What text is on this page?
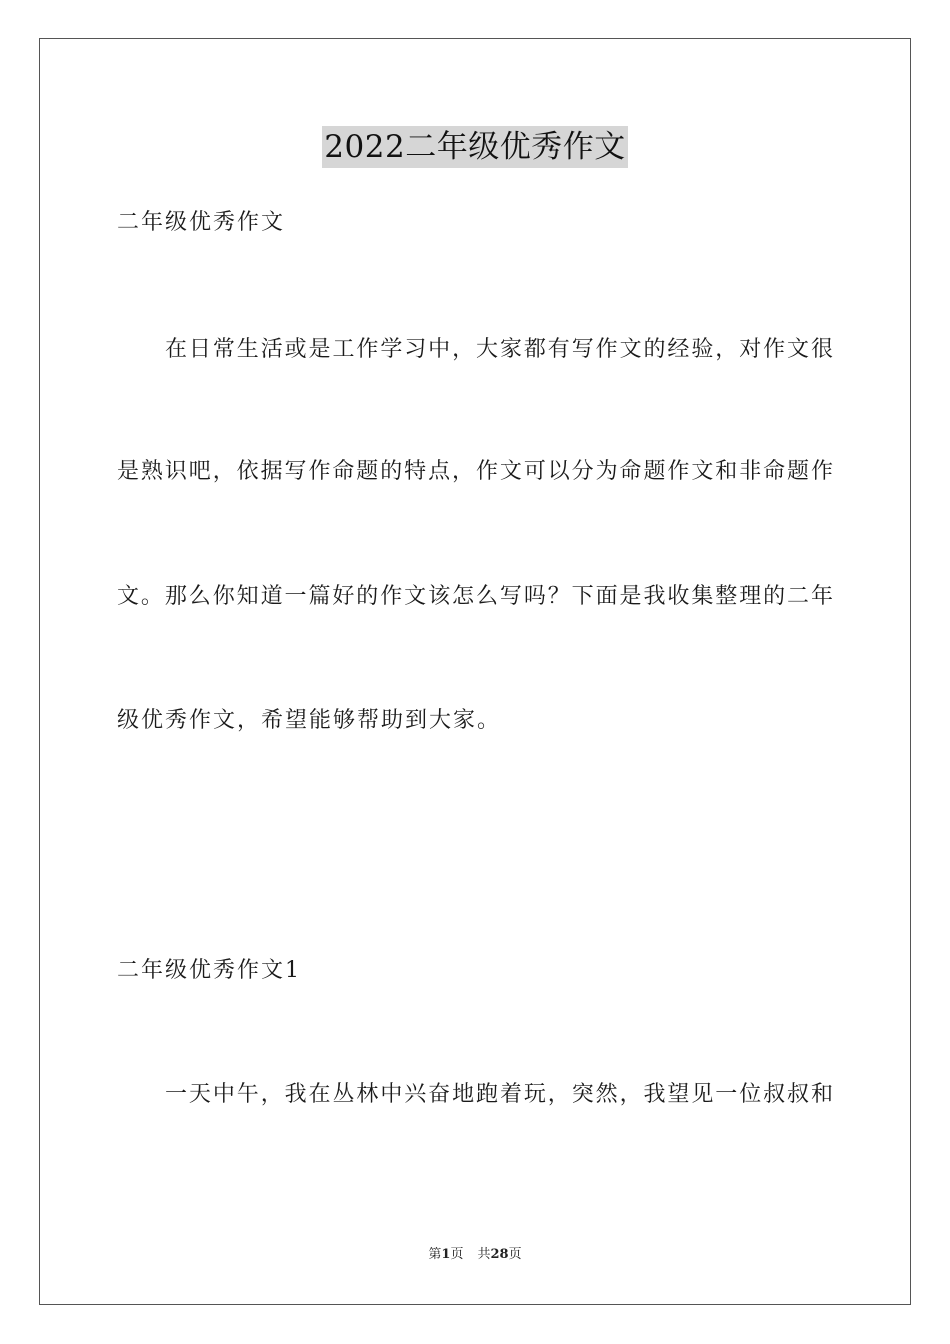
2022二年级优秀作文
二年级优秀作文
在日常生活或是工作学习中，大家都有写作文的经验，对作文很
是熟识吧，依据写作命题的特点，作文可以分为命题作文和非命题作
文。那么你知道一篇好的作文该怎么写吗？下面是我收集整理的二年
级优秀作文，希望能够帮助到大家。
二年级优秀作文1
一天中午，我在丛林中兴奋地跑着玩，突然，我望见一位叔叔和
第1页 共28页
